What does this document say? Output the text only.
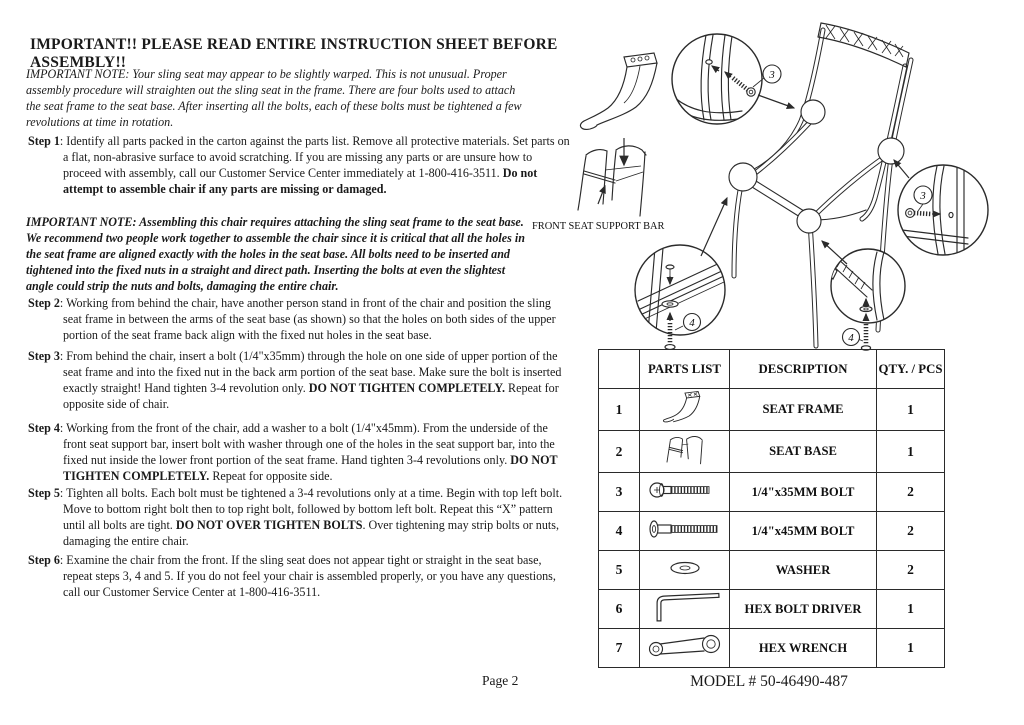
IMPORTANT!! PLEASE READ ENTIRE INSTRUCTION SHEET BEFORE ASSEMBLY!!
IMPORTANT NOTE: Your sling seat may appear to be slightly warped. This is not unusual. Proper assembly procedure will straighten out the sling seat in the frame. There are four bolts used to attach the seat frame to the seat base. After inserting all the bolts, each of these bolts must be tightened a few revolutions at time in rotation.
Step 1: Identify all parts packed in the carton against the parts list. Remove all protective materials. Set parts on a flat, non-abrasive surface to avoid scratching. If you are missing any parts or are unsure how to proceed with assembly, call our Customer Service Center immediately at 1-800-416-3511. Do not attempt to assemble chair if any parts are missing or damaged.
IMPORTANT NOTE: Assembling this chair requires attaching the sling seat frame to the seat base. We recommend two people work together to assemble the chair since it is critical that all the holes in the seat frame are aligned exactly with the holes in the seat base. All bolts need to be inserted and tightened into the fixed nuts in a straight and direct path. Inserting the bolts at even the slightest angle could strip the nuts and bolts, damaging the entire chair.
Step 2: Working from behind the chair, have another person stand in front of the chair and position the sling seat frame in between the arms of the seat base (as shown) so that the holes on both sides of the upper portion of the seat frame back align with the fixed nut holes in the seat base.
Step 3: From behind the chair, insert a bolt (1/4"x35mm) through the hole on one side of upper portion of the seat frame and into the fixed nut in the back arm portion of the seat base. Make sure the bolt is inserted exactly straight! Hand tighten 3-4 revolution only. DO NOT TIGHTEN COMPLETELY. Repeat for opposite side of chair.
Step 4: Working from the front of the chair, add a washer to a bolt (1/4"x45mm). From the underside of the front seat support bar, insert bolt with washer through one of the holes in the seat support bar, into the fixed nut inside the lower front portion of the seat frame. Hand tighten 3-4 revolutions only. DO NOT TIGHTEN COMPLETELY. Repeat for opposite side.
Step 5: Tighten all bolts. Each bolt must be tightened a 3-4 revolutions only at a time. Begin with top left bolt. Move to bottom right bolt then to top right bolt, followed by bottom left bolt. Repeat this “X” pattern until all bolts are tight. DO NOT OVER TIGHTEN BOLTS. Over tightening may strip bolts or nuts, damaging the entire chair.
Step 6: Examine the chair from the front. If the sling seat does not appear tight or straight in the seat base, repeat steps 3, 4 and 5. If you do not feel your chair is assembled properly, or you have any questions, call our Customer Service Center at 1-800-416-3511.
FRONT SEAT SUPPORT BAR
3
3
4
4
	PARTS LIST	DESCRIPTION	QTY. / PCS
1		SEAT FRAME	1
2		SEAT BASE	1
3		1/4"x35MM BOLT	2
4		1/4"x45MM BOLT	2
5		WASHER	2
6		HEX BOLT DRIVER	1
7		HEX WRENCH	1
Page 2	MODEL # 50-46490-487
